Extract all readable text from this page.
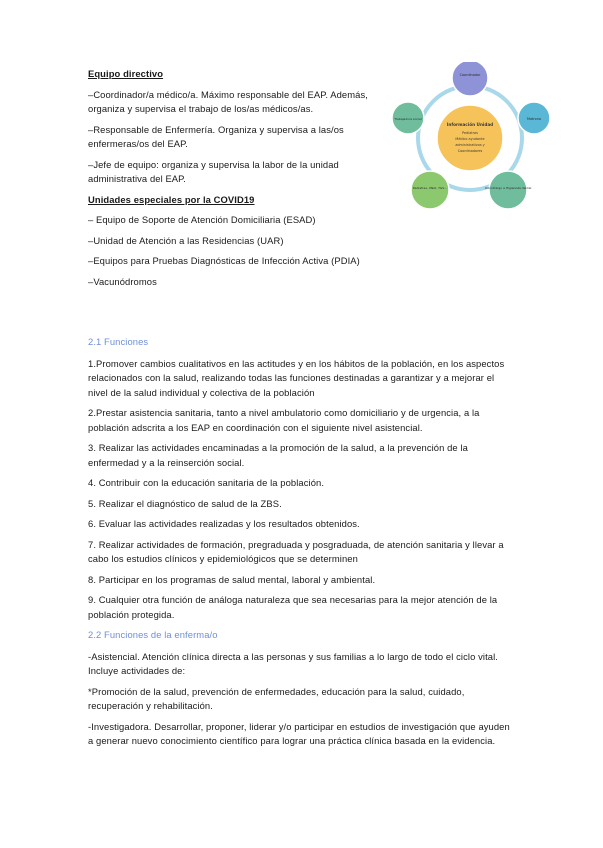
Equipo directivo

–Coordinador/a médico/a. Máximo responsable del EAP. Además, organiza y supervisa el trabajo de los/as médicos/as.

–Responsable de Enfermería. Organiza y supervisa a las/os enfermeras/os del EAP.

–Jefe de equipo: organiza y supervisa la labor de la unidad administrativa del EAP.

Unidades especiales por la COVID19

– Equipo de Soporte de Atención Domiciliaria (ESAD)

–Unidad de Atención a las Residencias (UAR)

–Equipos para Pruebas Diagnósticas de Infección Activa (PDIA)

–Vacunódromos

Información Unidad
Pediatras
Médico ayudante
administrativos y
Coordinadores
Coordinador
Matrona
Odontólogo e Higienista dental
Pediatras, UNAI, TGS...
Trabajadora social

2.1 Funciones

1.Promover cambios cualitativos en las actitudes y en los hábitos de la población, en los aspectos relacionados con la salud, realizando todas las funciones destinadas a garantizar y a mejorar el nivel de la salud individual y colectiva de la población

2.Prestar asistencia sanitaria, tanto a nivel ambulatorio como domiciliario y de urgencia, a la población adscrita a los EAP en coordinación con el siguiente nivel asistencial.

3. Realizar las actividades encaminadas a la promoción de la salud, a la prevención de la enfermedad y a la reinserción social.

4. Contribuir con la educación sanitaria de la población.

5. Realizar el diagnóstico de salud de la ZBS.

6. Evaluar las actividades realizadas y los resultados obtenidos.

7. Realizar actividades de formación, pregraduada y posgraduada, de atención sanitaria y llevar a cabo los estudios clínicos y epidemiológicos que se determinen

8. Participar en los programas de salud mental, laboral y ambiental.

9. Cualquier otra función de análoga naturaleza que sea necesarias para la mejor atención de la población protegida.

2.2 Funciones de la enferma/o

-Asistencial. Atención clínica directa a las personas y sus familias a lo largo de todo el ciclo vital. Incluye actividades de:

*Promoción de la salud, prevención de enfermedades, educación para la salud, cuidado, recuperación y rehabilitación.

-Investigadora. Desarrollar, proponer, liderar y/o participar en estudios de investigación que ayuden a generar nuevo conocimiento científico para lograr una práctica clínica basada en la evidencia.
